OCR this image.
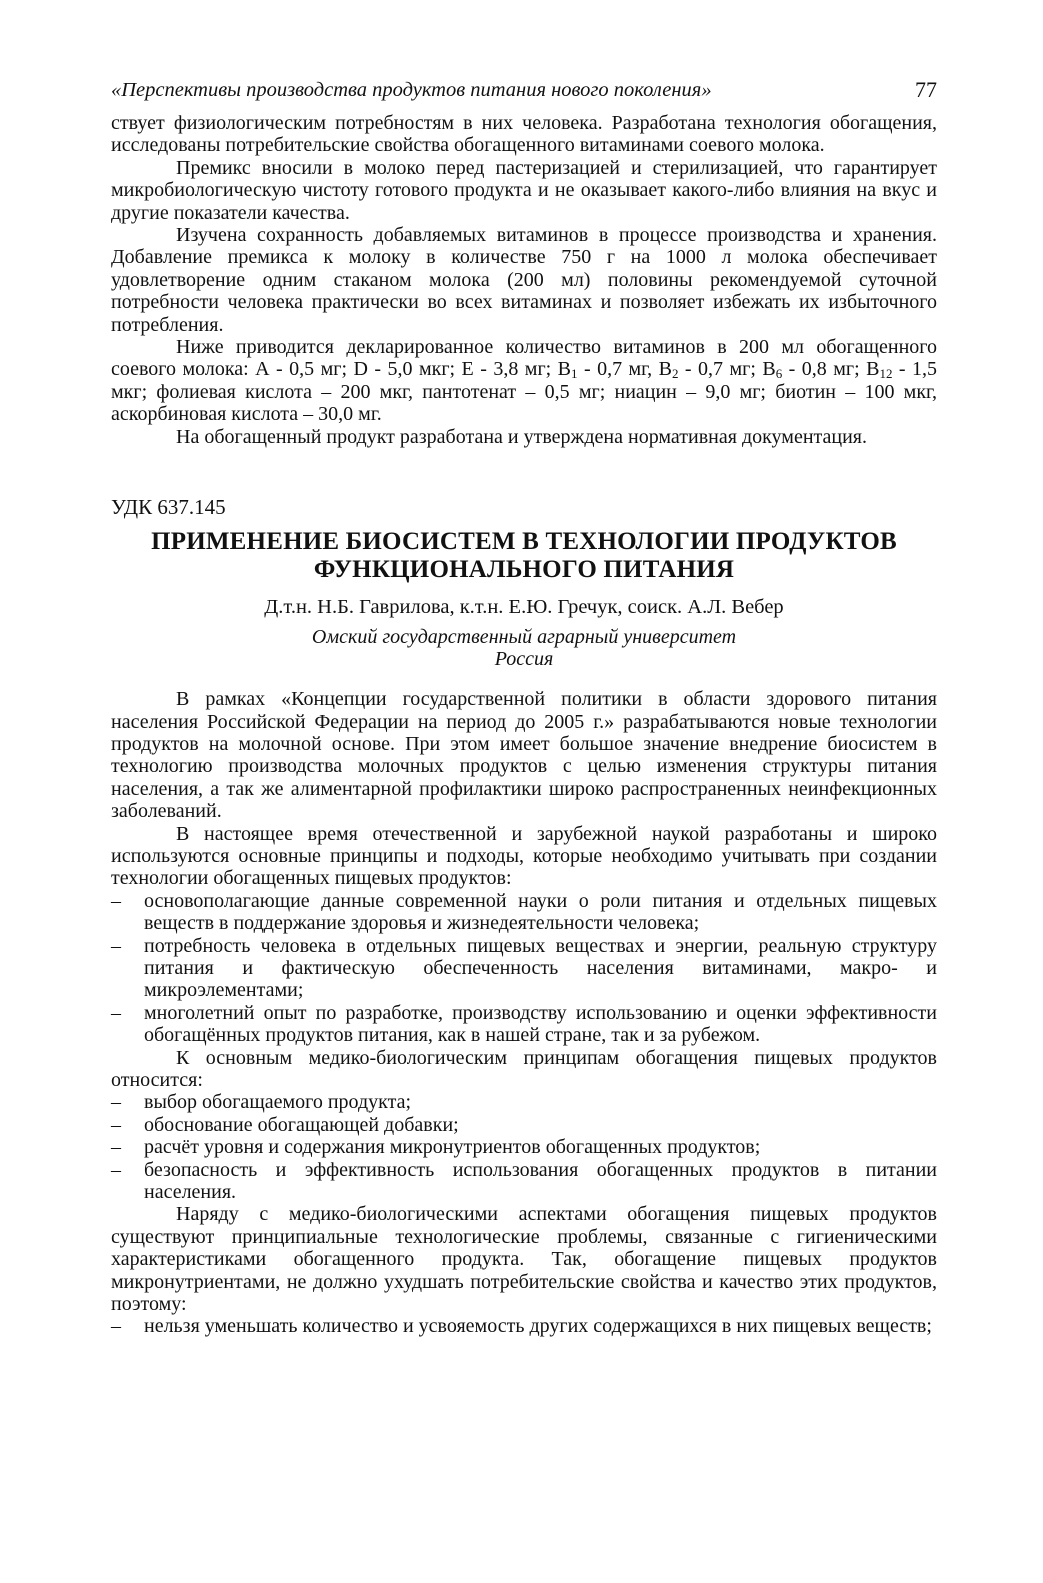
«Перспективы производства продуктов питания нового поколения»	77

ствует физиологическим потребностям в них человека. Разработана технология обогащения, исследованы потребительские свойства обогащенного витаминами соевого молока.

Премикс вносили в молоко перед пастеризацией и стерилизацией, что гарантирует микробиологическую чистоту готового продукта и не оказывает какого-либо влияния на вкус и другие показатели качества.

Изучена сохранность добавляемых витаминов в процессе производства и хранения. Добавление премикса к молоку в количестве 750 г на 1000 л молока обеспечивает удовлетворение одним стаканом молока (200 мл) половины рекомендуемой суточной потребности человека практически во всех витаминах и позволяет избежать их избыточного потребления.

Ниже приводится декларированное количество витаминов в 200 мл обогащенного соевого молока: А - 0,5 мг; D - 5,0 мкг; Е - 3,8 мг; $B_1 - 0,7$ мг, $B_2 - 0,7$ мг; $B_6 - 0,8$ мг; $B_{12} - 1,5$ мкг; фолиевая кислота – 200 мкг, пантотенат – 0,5 мг; ниацин – 9,0 мг; биотин – 100 мкг, аскорбиновая кислота – 30,0 мг.

На обогащенный продукт разработана и утверждена нормативная документация.

УДК 637.145
ПРИМЕНЕНИЕ БИОСИСТЕМ В ТЕХНОЛОГИИ ПРОДУКТОВ
ФУНКЦИОНАЛЬНОГО ПИТАНИЯ
Д.т.н. Н.Б. Гаврилова, к.т.н. Е.Ю. Гречук, соиск. А.Л. Вебер
Омский государственный аграрный университет
Россия

В рамках «Концепции государственной политики в области здорового питания населения Российской Федерации на период до 2005 г.» разрабатываются новые технологии продуктов на молочной основе. При этом имеет большое значение внедрение биосистем в технологию производства молочных продуктов с целью изменения структуры питания населения, а так же алиментарной профилактики широко распространенных неинфекционных заболеваний.

В настоящее время отечественной и зарубежной наукой разработаны и широко используются основные принципы и подходы, которые необходимо учитывать при создании технологии обогащенных пищевых продуктов:

– основополагающие данные современной науки о роли питания и отдельных пищевых веществ в поддержание здоровья и жизнедеятельности человека;
– потребность человека в отдельных пищевых веществах и энергии, реальную структуру питания и фактическую обеспеченность населения витаминами, макро- и микроэлементами;
– многолетний опыт по разработке, производству использованию и оценки эффективности обогащённых продуктов питания, как в нашей стране, так и за рубежом.

К основным медико-биологическим принципам обогащения пищевых продуктов относится:

– выбор обогащаемого продукта;
– обоснование обогащающей добавки;
– расчёт уровня и содержания микронутриентов обогащенных продуктов;
– безопасность и эффективность использования обогащенных продуктов в питании населения.

Наряду с медико-биологическими аспектами обогащения пищевых продуктов существуют принципиальные технологические проблемы, связанные с гигиеническими характеристиками обогащенного продукта. Так, обогащение пищевых продуктов микронутриентами, не должно ухудшать потребительские свойства и качество этих продуктов, поэтому:

– нельзя уменьшать количество и усвояемость других содержащихся в них пищевых веществ;
